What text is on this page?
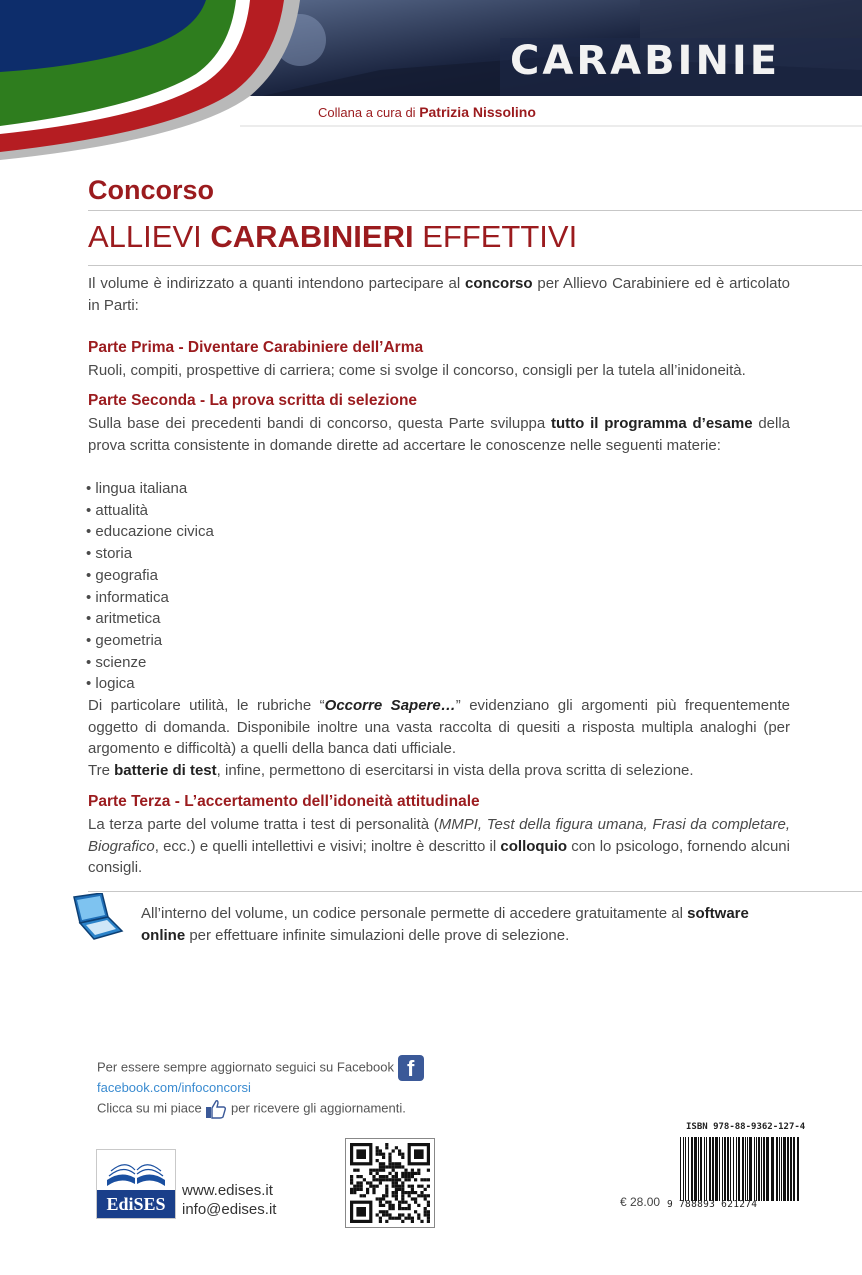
CARABINIE
Collana a cura di Patrizia Nissolino
Concorso
ALLIEVI CARABINIERI EFFETTIVI
Il volume è indirizzato a quanti intendono partecipare al concorso per Allievo Carabiniere ed è articolato in Parti:
Parte Prima - Diventare Carabiniere dell’Arma
Ruoli, compiti, prospettive di carriera; come si svolge il concorso, consigli per la tutela all’inidoneità.
Parte Seconda - La prova scritta di selezione
Sulla base dei precedenti bandi di concorso, questa Parte sviluppa tutto il programma d’esame della prova scritta consistente in domande dirette ad accertare le conoscenze nelle seguenti materie:
• lingua italiana
• attualità
• educazione civica
• storia
• geografia
• informatica
• aritmetica
• geometria
• scienze
• logica
Di particolare utilità, le rubriche “Occorre Sapere…” evidenziano gli argomenti più frequentemente oggetto di domanda. Disponibile inoltre una vasta raccolta di quesiti a risposta multipla analoghi (per argomento e difficoltà) a quelli della banca dati ufficiale.
Tre batterie di test, infine, permettono di esercitarsi in vista della prova scritta di selezione.
Parte Terza - L’accertamento dell’idoneità attitudinale
La terza parte del volume tratta i test di personalità (MMPI, Test della figura umana, Frasi da completare, Biografico, ecc.) e quelli intellettivi e visivi; inoltre è descritto il colloquio con lo psicologo, fornendo alcuni consigli.
All’interno del volume, un codice personale permette di accedere gratuitamente al software online per effettuare infinite simulazioni delle prove di selezione.
Per essere sempre aggiornato seguici su Facebook f
facebook.com/infoconcorsi
Clicca su mi piace per ricevere gli aggiornamenti.
EdiSES
www.edises.it
info@edises.it	€ 28.00
ISBN 978-88-9362-127-4
9 788893 621274
